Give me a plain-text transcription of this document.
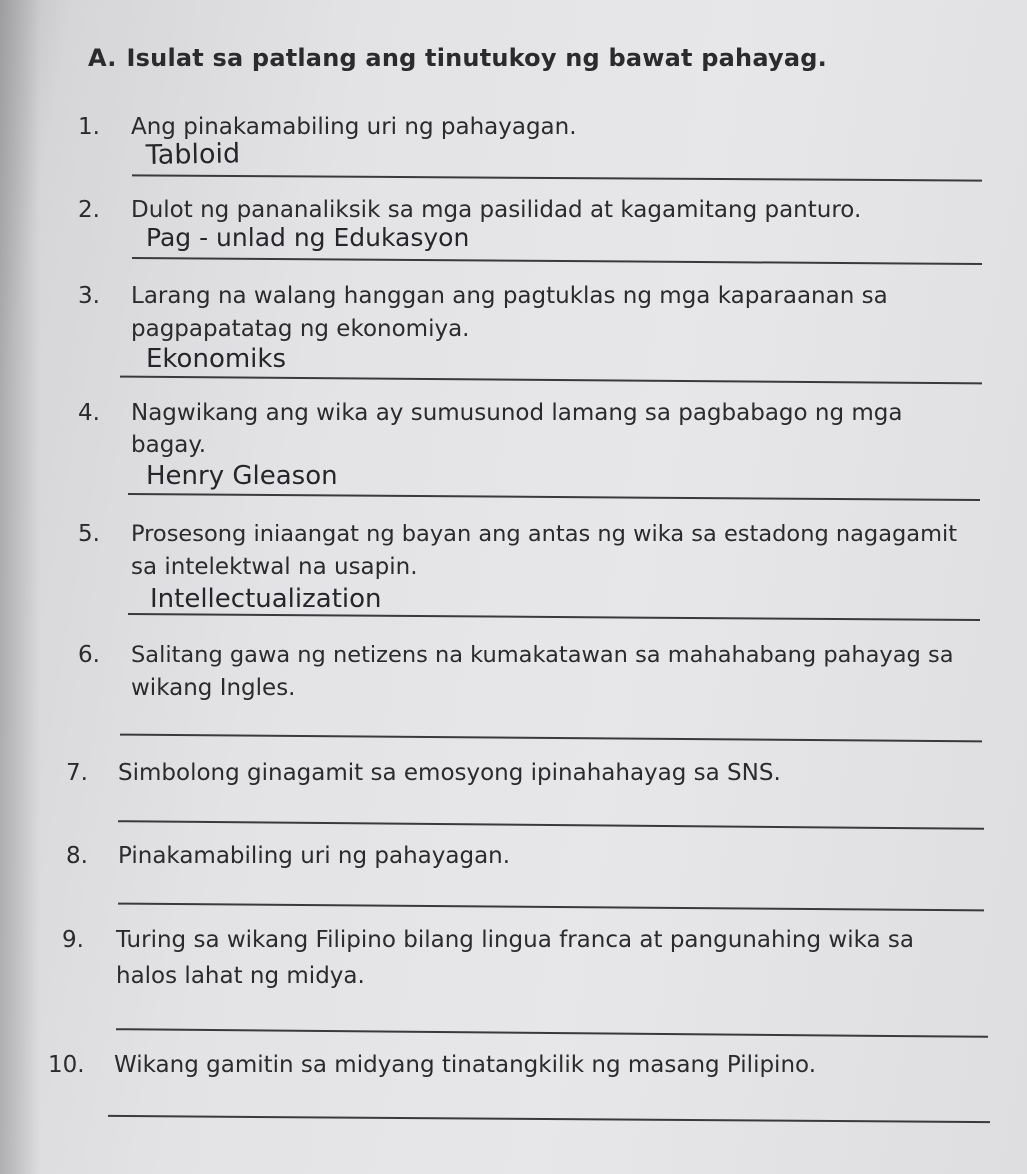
A. Isulat sa patlang ang tinutukoy ng bawat pahayag.
1. Ang pinakamabiling uri ng pahayagan.
Tabloid
2. Dulot ng pananaliksik sa mga pasilidad at kagamitang panturo.
Pag - unlad ng Edukasyon
3. Larang na walang hanggan ang pagtuklas ng mga kaparaanan sa
pagpapatatag ng ekonomiya.
Ekonomiks
4. Nagwikang ang wika ay sumusunod lamang sa pagbabago ng mga
bagay.
Henry Gleason
5. Prosesong iniaangat ng bayan ang antas ng wika sa estadong nagagamit
sa intelektwal na usapin.
Intellectualization
6. Salitang gawa ng netizens na kumakatawan sa mahahabang pahayag sa
wikang Ingles.
7. Simbolong ginagamit sa emosyong ipinahahayag sa SNS.
8. Pinakamabiling uri ng pahayagan.
9. Turing sa wikang Filipino bilang lingua franca at pangunahing wika sa
halos lahat ng midya.
10. Wikang gamitin sa midyang tinatangkilik ng masang Pilipino.
